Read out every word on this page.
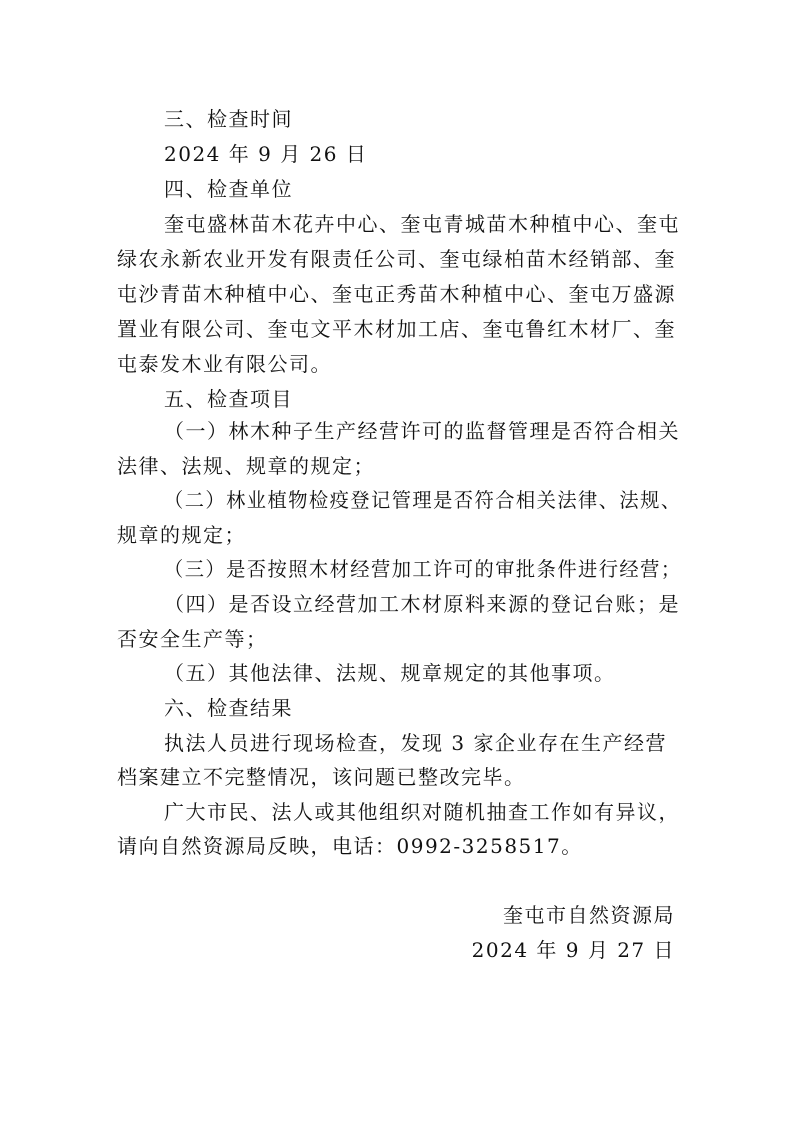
三、检查时间
2024 年 9 月 26 日
四、检查单位
奎屯盛林苗木花卉中心、奎屯青城苗木种植中心、奎屯
绿农永新农业开发有限责任公司、奎屯绿柏苗木经销部、奎
屯沙青苗木种植中心、奎屯正秀苗木种植中心、奎屯万盛源
置业有限公司、奎屯文平木材加工店、奎屯鲁红木材厂、奎
屯泰发木业有限公司。
五、检查项目
（一）林木种子生产经营许可的监督管理是否符合相关
法律、法规、规章的规定；
（二）林业植物检疫登记管理是否符合相关法律、法规、
规章的规定；
（三）是否按照木材经营加工许可的审批条件进行经营；
（四）是否设立经营加工木材原料来源的登记台账；是
否安全生产等；
（五）其他法律、法规、规章规定的其他事项。
六、检查结果
执法人员进行现场检查，发现 3 家企业存在生产经营
档案建立不完整情况，该问题已整改完毕。
广大市民、法人或其他组织对随机抽查工作如有异议，
请向自然资源局反映，电话：0992-3258517。
奎屯市自然资源局
2024 年 9 月 27 日
